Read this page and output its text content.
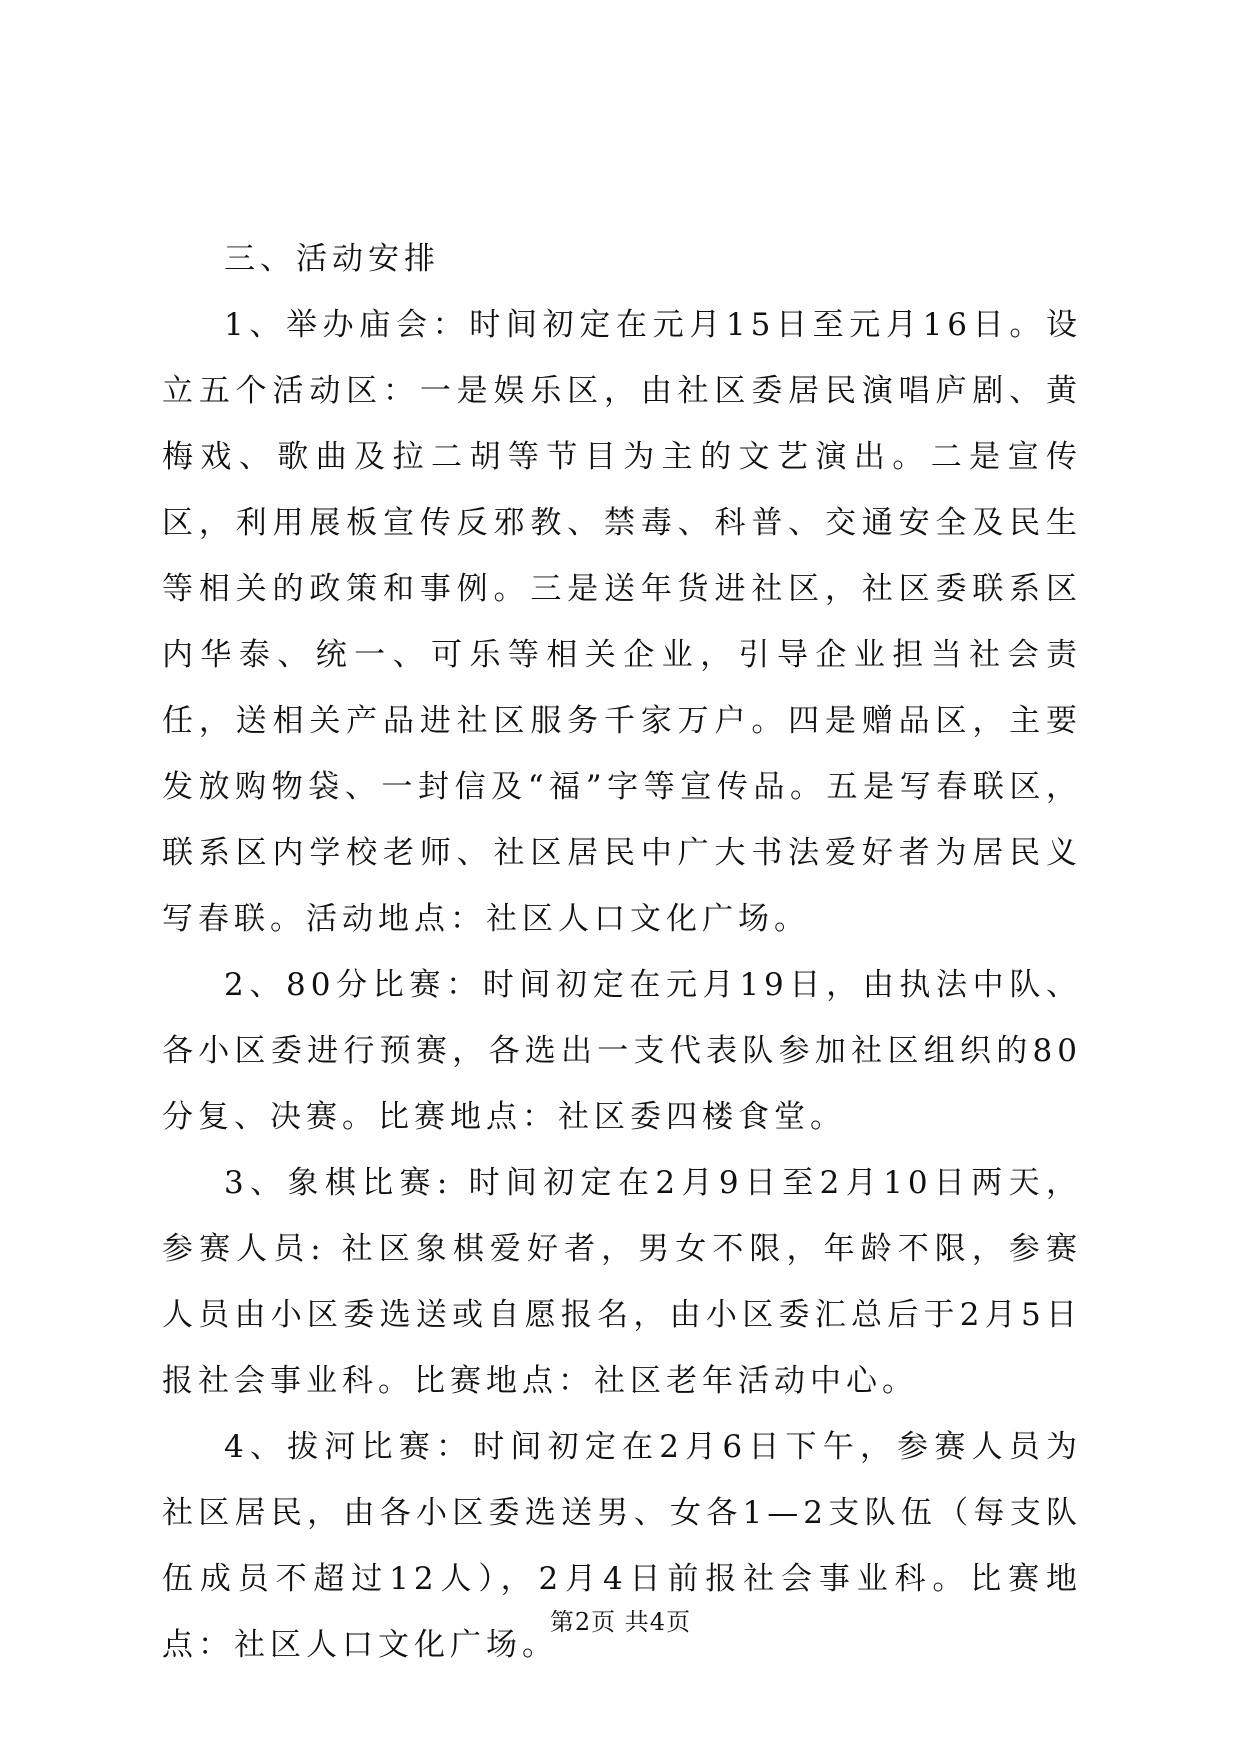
三、活动安排

1、举办庙会：时间初定在元月15日至元月16日。设立五个活动区：一是娱乐区，由社区委居民演唱庐剧、黄梅戏、歌曲及拉二胡等节目为主的文艺演出。二是宣传区，利用展板宣传反邪教、禁毒、科普、交通安全及民生等相关的政策和事例。三是送年货进社区，社区委联系区内华泰、统一、可乐等相关企业，引导企业担当社会责任，送相关产品进社区服务千家万户。四是赠品区，主要发放购物袋、一封信及“福”字等宣传品。五是写春联区，联系区内学校老师、社区居民中广大书法爱好者为居民义写春联。活动地点：社区人口文化广场。

2、80分比赛：时间初定在元月19日，由执法中队、各小区委进行预赛，各选出一支代表队参加社区组织的80分复、决赛。比赛地点：社区委四楼食堂。

3、象棋比赛: 时间初定在2月9日至2月10日两天，参赛人员: 社区象棋爱好者，男女不限，年龄不限，参赛人员由小区委选送或自愿报名，由小区委汇总后于2月5日报社会事业科。比赛地点：社区老年活动中心。

4、拔河比赛：时间初定在2月6日下午，参赛人员为社区居民，由各小区委选送男、女各1—2支队伍（每支队伍成员不超过12人），2月4日前报社会事业科。比赛地点：社区人口文化广场。

第2页 共4页
